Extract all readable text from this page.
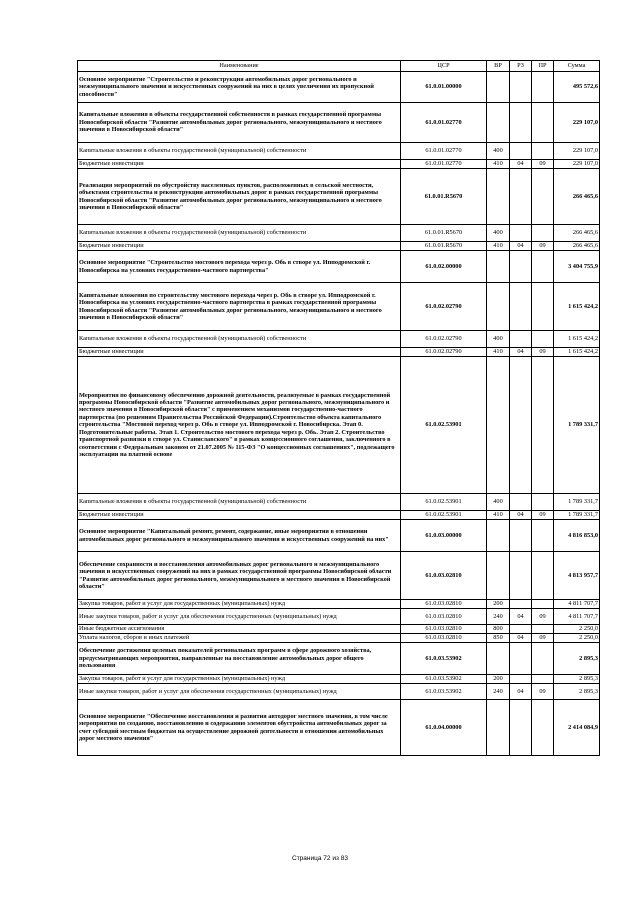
Наименование	ЦСР	ВР	РЗ	ПР	Сумма
Основное мероприятие "Строительство и реконструкция автомобильных дорог регионального и межмуниципального значения и искусственных сооружений на них в целях увеличения их пропускной способности"	61.0.01.00000				495 572,6
Капитальные вложения в объекты государственной собственности в рамках государственной программы Новосибирской области "Развитие автомобильных дорог регионального, межмуниципального и местного значения в Новосибирской области"	61.0.01.02770				229 107,0
Капитальные вложения в объекты государственной (муниципальной) собственности	61.0.01.02770	400			229 107,0
Бюджетные инвестиции	61.0.01.02770	410	04	09	229 107,0
Реализация мероприятий по обустройству населенных пунктов, расположенных в сельской местности, объектами строительства и реконструкции автомобильных дорог в рамках государственной программы Новосибирской области "Развитие автомобильных дорог регионального, межмуниципального и местного значения в Новосибирской области"	61.0.01.R5670				266 465,6
Капитальные вложения в объекты государственной (муниципальной) собственности	61.0.01.R5670	400			266 465,6
Бюджетные инвестиции	61.0.01.R5670	410	04	09	266 465,6
Основное мероприятие "Строительство мостового перехода через р. Обь в створе ул. Ипподромской г. Новосибирска на условиях государственно-частного партнерства"	61.0.02.00000				3 404 755,9
Капитальные вложения по строительству мостового перехода через р. Обь в створе ул. Ипподромской г. Новосибирска на условиях государственно-частного партнерства в рамках государственной программы Новосибирской области "Развитие автомобильных дорог регионального, межмуниципального и местного значения в Новосибирской области"	61.0.02.02790				1 615 424,2
Капитальные вложения в объекты государственной (муниципальной) собственности	61.0.02.02790	400			1 615 424,2
Бюджетные инвестиции	61.0.02.02790	410	04	09	1 615 424,2
Мероприятия по финансовому обеспечению дорожной деятельности, реализуемые в рамках государственной программы Новосибирской области "Развитие автомобильных дорог регионального, межмуниципального и местного значения в Новосибирской области" с применением механизмов государственно-частного партнерства (по решениям Правительства Российской Федерации).Строительство объекта капитального строительства "Мостовой переход через р. Обь в створе ул. Ипподромской г. Новосибирска. Этап 0. Подготовительные работы. Этап 1. Строительство мостового перехода через р. Обь. Этап 2. Строительство транспортной развязки в створе ул. Станиславского" в рамках концессионного соглашения, заключенного в соответствии с Федеральным законом от 21.07.2005 № 115-ФЗ "О концессионных соглашениях", подлежащего эксплуатации на платной основе	61.0.02.53901				1 789 331,7
Капитальные вложения в объекты государственной (муниципальной) собственности	61.0.02.53901	400			1 789 331,7
Бюджетные инвестиции	61.0.02.53901	410	04	09	1 789 331,7
Основное мероприятие "Капитальный ремонт, ремонт, содержание, иные мероприятия в отношении автомобильных дорог регионального и межмуниципального значения и искусственных сооружений на них"	61.0.03.00000				4 816 853,0
Обеспечение сохранности и восстановления автомобильных дорог регионального и межмуниципального значения и искусственных сооружений на них в рамках государственной программы Новосибирской области "Развитие автомобильных дорог регионального, межмуниципального и местного значения в Новосибирской области"	61.0.03.02810				4 813 957,7
Закупка товаров, работ и услуг для государственных (муниципальных) нужд	61.0.03.02810	200			4 811 707,7
Иные закупки товаров, работ и услуг для обеспечения государственных (муниципальных) нужд	61.0.03.02810	240	04	09	4 811 707,7
Иные бюджетные ассигнования	61.0.03.02810	800			2 250,0
Уплата налогов, сборов и иных платежей	61.0.03.02810	850	04	09	2 250,0
Обеспечение достижения целевых показателей региональных программ в сфере дорожного хозяйства, предусматривающих мероприятия, направленные на восстановление автомобильных дорог общего пользования	61.0.03.53902				2 895,3
Закупка товаров, работ и услуг для государственных (муниципальных) нужд	61.0.03.53902	200			2 895,3
Иные закупки товаров, работ и услуг для обеспечения государственных (муниципальных) нужд	61.0.03.53902	240	04	09	2 895,3
Основное мероприятие "Обеспечение восстановления и развития автодорог местного значения, в том числе мероприятия по созданию, восстановлению и содержанию элементов обустройства автомобильных дорог за счет субсидий местным бюджетам на осуществление дорожной деятельности в отношении автомобильных дорог местного значения"	61.0.04.00000				2 414 084,9
Страница 72 из 83
